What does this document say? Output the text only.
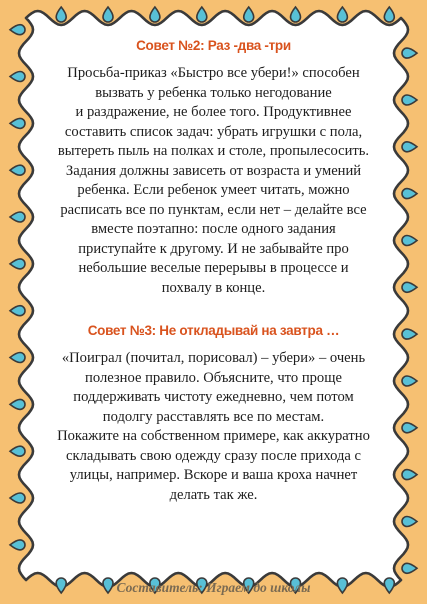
Совет №2: Раз -два -три

Просьба-приказ «Быстро все убери!» способен

вызвать у ребенка только негодование

и раздражение, не более того. Продуктивнее

составить список задач: убрать игрушки с пола,

вытереть пыль на полках и столе, пропылесосить.

Задания должны зависеть от возраста и умений

ребенка. Если ребенок умеет читать, можно

расписать все по пунктам, если нет – делайте все

вместе поэтапно: после одного задания

приступайте к другому. И не забывайте про

небольшие веселые перерывы в процессе и

похвалу в конце.

Совет №3: Не откладывай на завтра …

«Поиграл (почитал, порисовал) – убери» – очень

полезное правило. Объясните, что проще

поддерживать чистоту ежедневно, чем потом

подолгу расставлять все по местам.

Покажите на собственном примере, как аккуратно

складывать свою одежду сразу после прихода с

улицы, например. Вскоре и ваша кроха начнет

делать так же.

Составитель: Играем до школы
